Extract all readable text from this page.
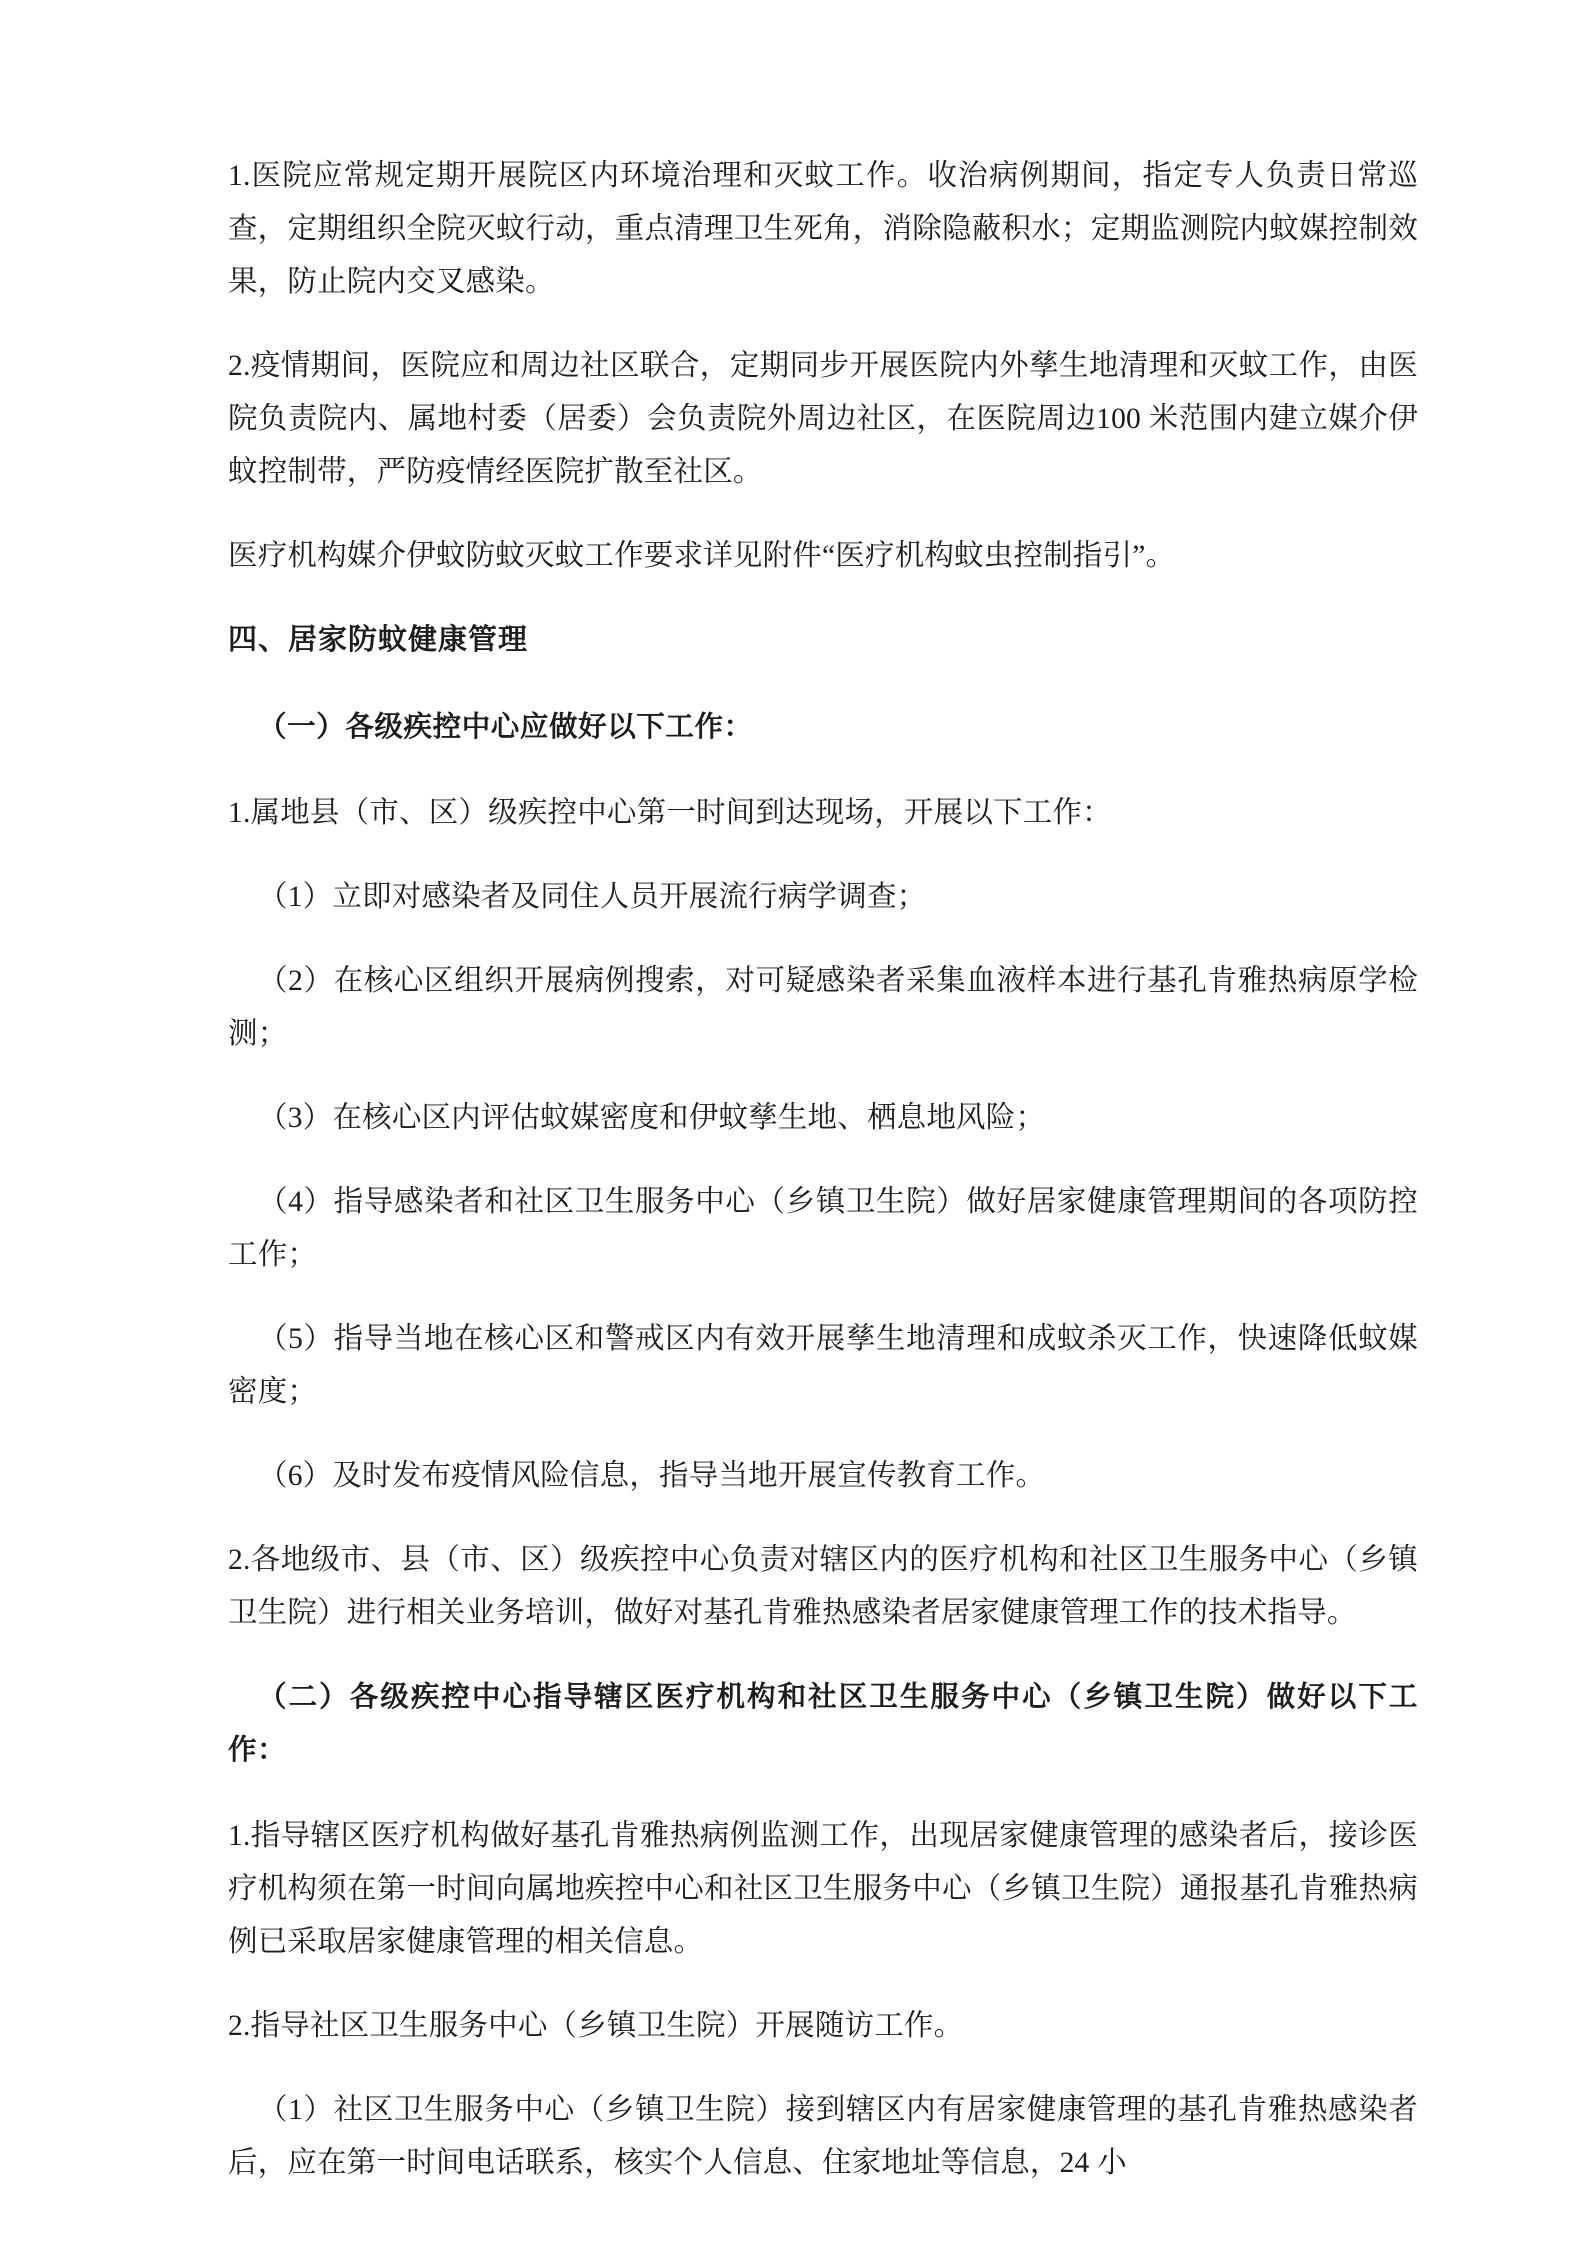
1.医院应常规定期开展院区内环境治理和灭蚊工作。收治病例期间，指定专人负责日常巡查，定期组织全院灭蚊行动，重点清理卫生死角，消除隐蔽积水；定期监测院内蚊媒控制效果，防止院内交叉感染。

2.疫情期间，医院应和周边社区联合，定期同步开展医院内外孳生地清理和灭蚊工作，由医院负责院内、属地村委（居委）会负责院外周边社区，在医院周边100 米范围内建立媒介伊蚊控制带，严防疫情经医院扩散至社区。

医疗机构媒介伊蚊防蚊灭蚊工作要求详见附件“医疗机构蚊虫控制指引”。

四、居家防蚊健康管理

（一）各级疾控中心应做好以下工作：

1.属地县（市、区）级疾控中心第一时间到达现场，开展以下工作：

（1）立即对感染者及同住人员开展流行病学调查；

（2）在核心区组织开展病例搜索，对可疑感染者采集血液样本进行基孔肯雅热病原学检测；

（3）在核心区内评估蚊媒密度和伊蚊孳生地、栖息地风险；

（4）指导感染者和社区卫生服务中心（乡镇卫生院）做好居家健康管理期间的各项防控工作；

（5）指导当地在核心区和警戒区内有效开展孳生地清理和成蚊杀灭工作，快速降低蚊媒密度；

（6）及时发布疫情风险信息，指导当地开展宣传教育工作。

2.各地级市、县（市、区）级疾控中心负责对辖区内的医疗机构和社区卫生服务中心（乡镇卫生院）进行相关业务培训，做好对基孔肯雅热感染者居家健康管理工作的技术指导。

（二）各级疾控中心指导辖区医疗机构和社区卫生服务中心（乡镇卫生院）做好以下工作：

1.指导辖区医疗机构做好基孔肯雅热病例监测工作，出现居家健康管理的感染者后，接诊医疗机构须在第一时间向属地疾控中心和社区卫生服务中心（乡镇卫生院）通报基孔肯雅热病例已采取居家健康管理的相关信息。

2.指导社区卫生服务中心（乡镇卫生院）开展随访工作。

（1）社区卫生服务中心（乡镇卫生院）接到辖区内有居家健康管理的基孔肯雅热感染者后，应在第一时间电话联系，核实个人信息、住家地址等信息，24 小
